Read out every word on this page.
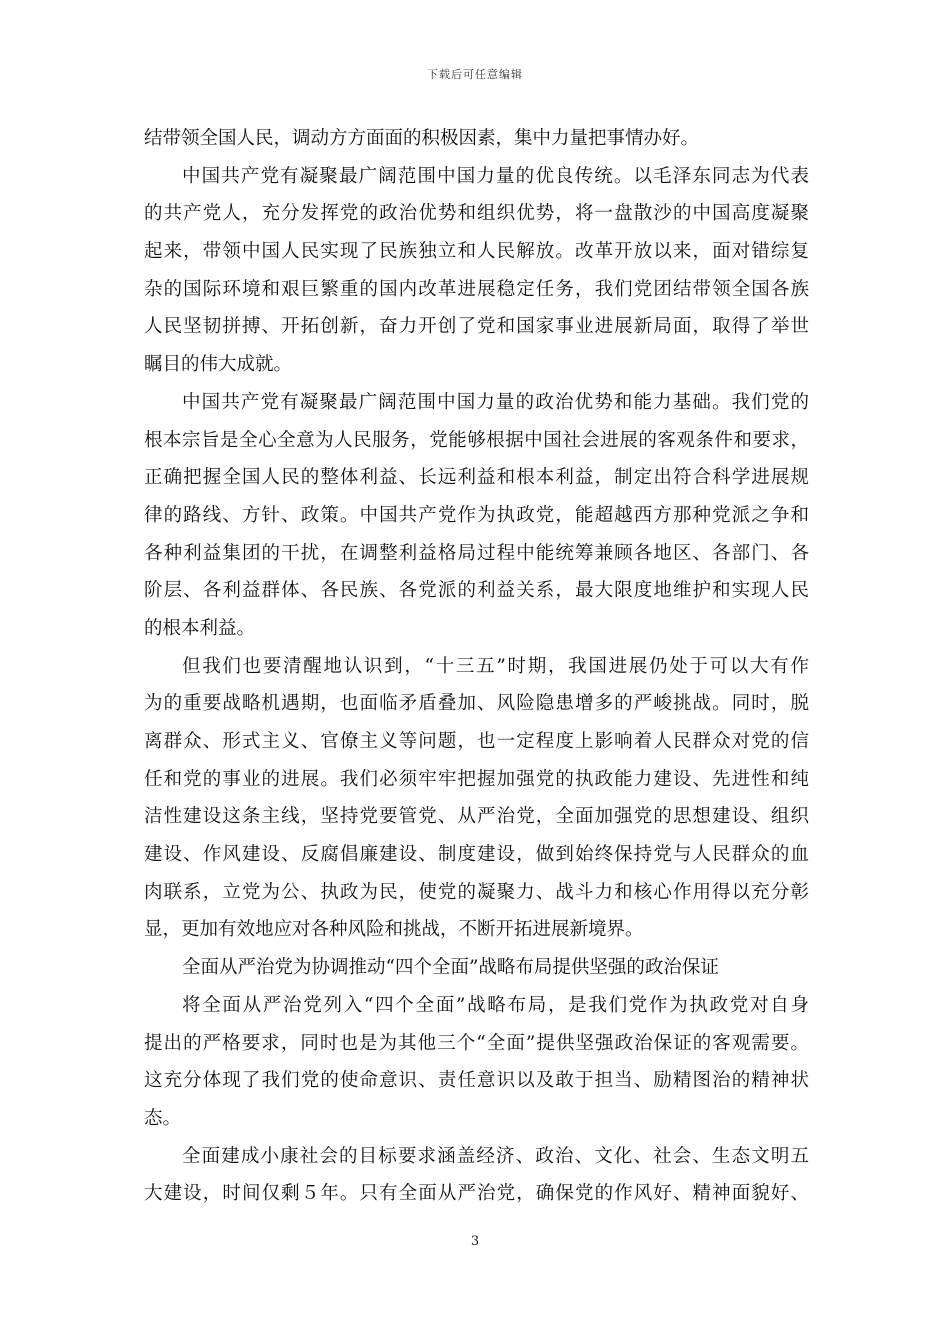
下载后可任意编辑
结带领全国人民，调动方方面面的积极因素，集中力量把事情办好。
中国共产党有凝聚最广阔范围中国力量的优良传统。以毛泽东同志为代表
的共产党人，充分发挥党的政治优势和组织优势，将一盘散沙的中国高度凝聚
起来，带领中国人民实现了民族独立和人民解放。改革开放以来，面对错综复
杂的国际环境和艰巨繁重的国内改革进展稳定任务，我们党团结带领全国各族
人民坚韧拼搏、开拓创新，奋力开创了党和国家事业进展新局面，取得了举世
瞩目的伟大成就。
中国共产党有凝聚最广阔范围中国力量的政治优势和能力基础。我们党的
根本宗旨是全心全意为人民服务，党能够根据中国社会进展的客观条件和要求，
正确把握全国人民的整体利益、长远利益和根本利益，制定出符合科学进展规
律的路线、方针、政策。中国共产党作为执政党，能超越西方那种党派之争和
各种利益集团的干扰，在调整利益格局过程中能统筹兼顾各地区、各部门、各
阶层、各利益群体、各民族、各党派的利益关系，最大限度地维护和实现人民
的根本利益。
但我们也要清醒地认识到，“十三五”时期，我国进展仍处于可以大有作
为的重要战略机遇期，也面临矛盾叠加、风险隐患增多的严峻挑战。同时，脱
离群众、形式主义、官僚主义等问题，也一定程度上影响着人民群众对党的信
任和党的事业的进展。我们必须牢牢把握加强党的执政能力建设、先进性和纯
洁性建设这条主线，坚持党要管党、从严治党，全面加强党的思想建设、组织
建设、作风建设、反腐倡廉建设、制度建设，做到始终保持党与人民群众的血
肉联系，立党为公、执政为民，使党的凝聚力、战斗力和核心作用得以充分彰
显，更加有效地应对各种风险和挑战，不断开拓进展新境界。
全面从严治党为协调推动“四个全面”战略布局提供坚强的政治保证
将全面从严治党列入“四个全面”战略布局，是我们党作为执政党对自身
提出的严格要求，同时也是为其他三个“全面”提供坚强政治保证的客观需要。
这充分体现了我们党的使命意识、责任意识以及敢于担当、励精图治的精神状
态。
全面建成小康社会的目标要求涵盖经济、政治、文化、社会、生态文明五
大建设，时间仅剩５年。只有全面从严治党，确保党的作风好、精神面貌好、
3
